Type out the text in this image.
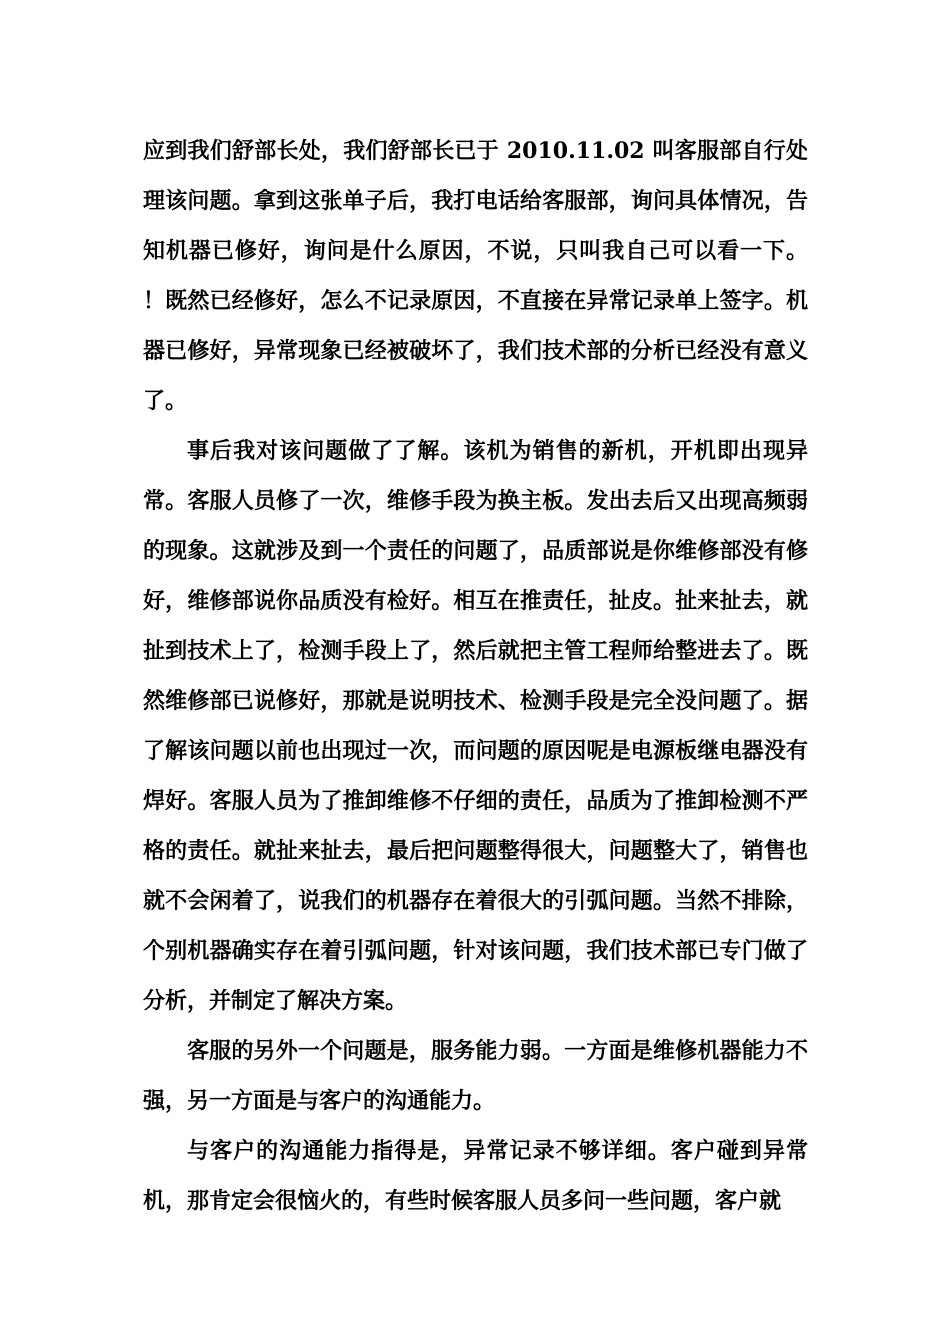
应到我们舒部长处，我们舒部长已于 2010.11.02 叫客服部自行处理该问题。拿到这张单子后，我打电话给客服部，询问具体情况，告知机器已修好，询问是什么原因，不说，只叫我自己可以看一下。 ！既然已经修好，怎么不记录原因，不直接在异常记录单上签字。机器已修好，异常现象已经被破坏了，我们技术部的分析已经没有意义了。

事后我对该问题做了了解。该机为销售的新机，开机即出现异常。客服人员修了一次，维修手段为换主板。发出去后又出现高频弱的现象。这就涉及到一个责任的问题了，品质部说是你维修部没有修好，维修部说你品质没有检好。相互在推责任，扯皮。扯来扯去，就扯到技术上了，检测手段上了，然后就把主管工程师给整进去了。既然维修部已说修好，那就是说明技术、检测手段是完全没问题了。据了解该问题以前也出现过一次，而问题的原因呢是电源板继电器没有焊好。客服人员为了推卸维修不仔细的责任，品质为了推卸检测不严格的责任。就扯来扯去，最后把问题整得很大，问题整大了，销售也就不会闲着了，说我们的机器存在着很大的引弧问题。当然不排除，个别机器确实存在着引弧问题，针对该问题，我们技术部已专门做了分析，并制定了解决方案。

客服的另外一个问题是，服务能力弱。一方面是维修机器能力不强，另一方面是与客户的沟通能力。

与客户的沟通能力指得是，异常记录不够详细。客户碰到异常机，那肯定会很恼火的，有些时候客服人员多问一些问题，客户就
